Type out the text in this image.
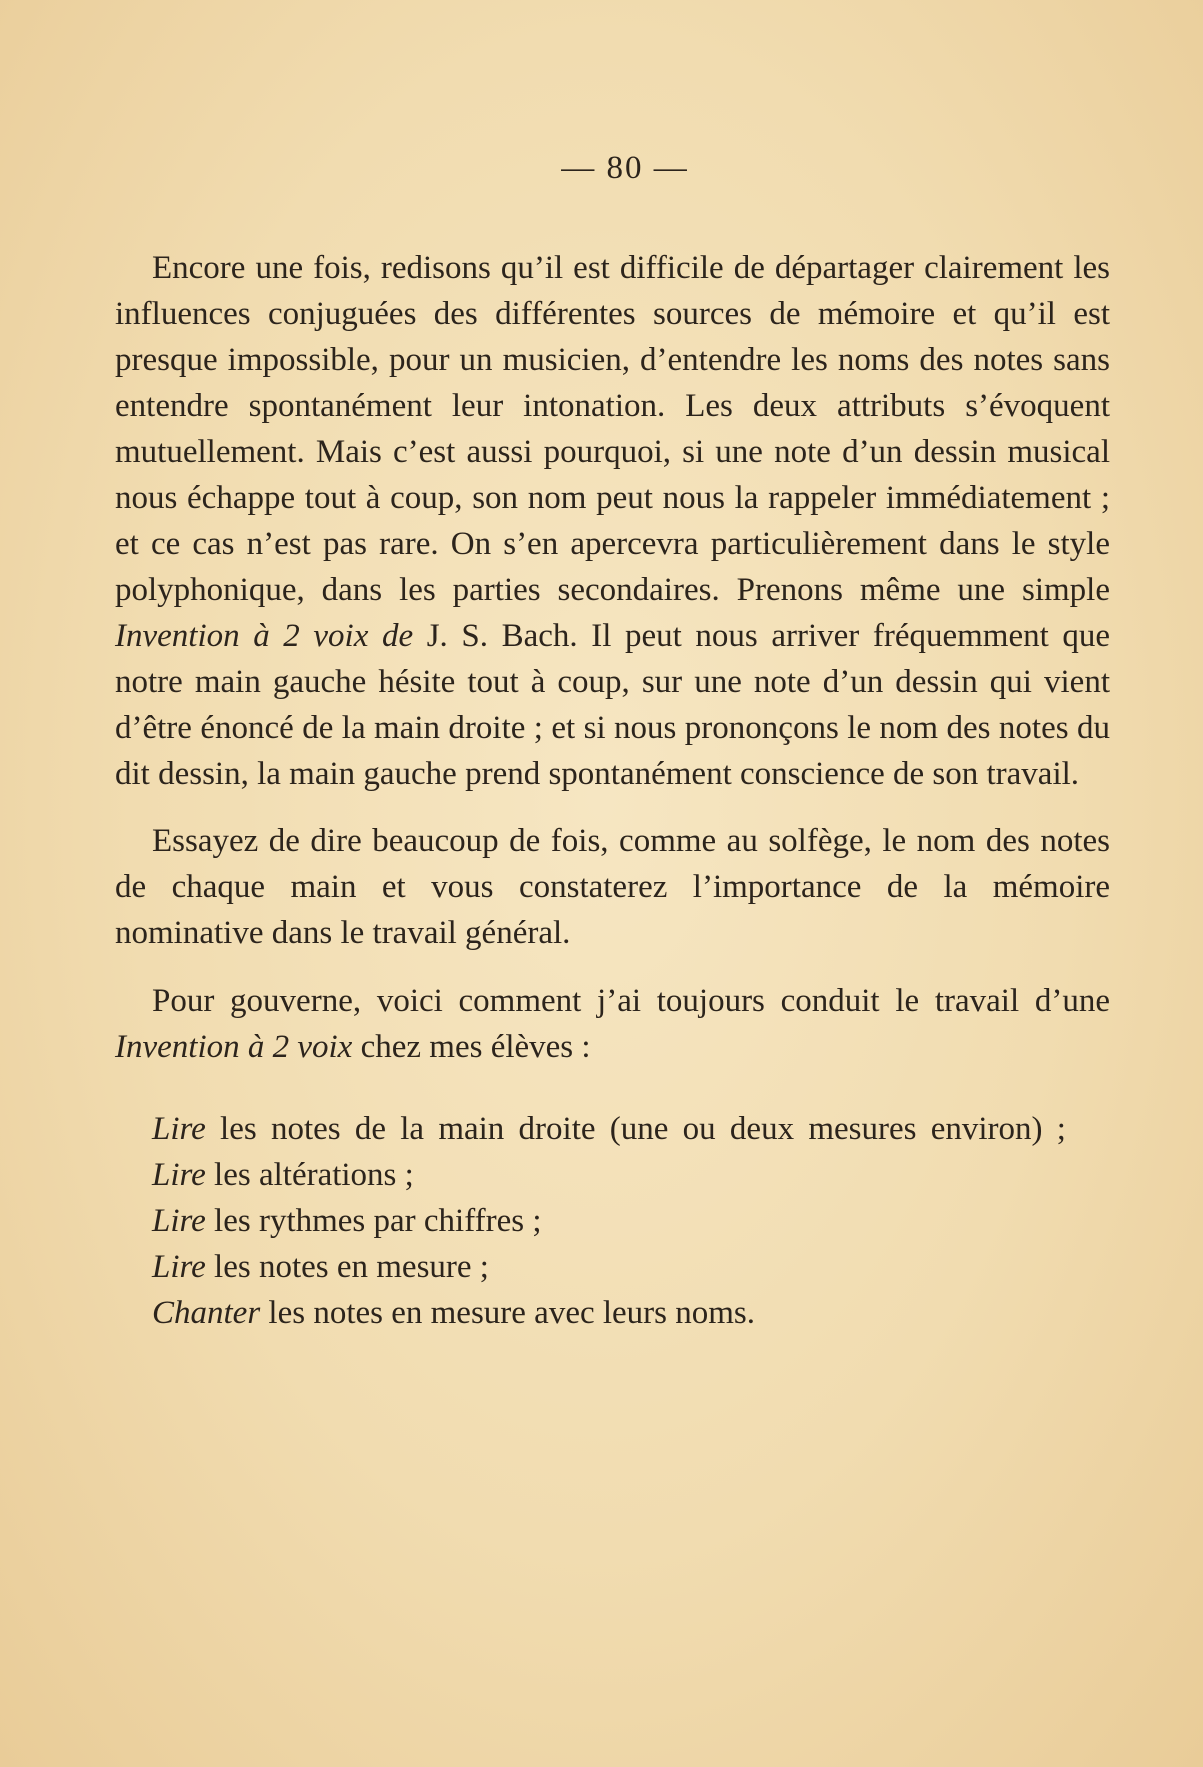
— 80 —

Encore une fois, redisons qu’il est difficile de départager clairement les influences conjuguées des différentes sources de mémoire et qu’il est presque impossible, pour un musicien, d’entendre les noms des notes sans entendre spontanément leur intonation. Les deux attributs s’évoquent mutuellement. Mais c’est aussi pourquoi, si une note d’un dessin musical nous échappe tout à coup, son nom peut nous la rappeler immédiatement ; et ce cas n’est pas rare. On s’en apercevra particulièrement dans le style polyphonique, dans les parties secondaires. Prenons même une simple Invention à 2 voix de J. S. Bach. Il peut nous arriver fréquemment que notre main gauche hésite tout à coup, sur une note d’un dessin qui vient d’être énoncé de la main droite ; et si nous prononçons le nom des notes du dit dessin, la main gauche prend spontanément conscience de son travail.

Essayez de dire beaucoup de fois, comme au solfège, le nom des notes de chaque main et vous constaterez l’importance de la mémoire nominative dans le travail général.

Pour gouverne, voici comment j’ai toujours conduit le travail d’une Invention à 2 voix chez mes élèves :

Lire les notes de la main droite (une ou deux mesures environ) ;

Lire les altérations ;

Lire les rythmes par chiffres ;

Lire les notes en mesure ;

Chanter les notes en mesure avec leurs noms.
